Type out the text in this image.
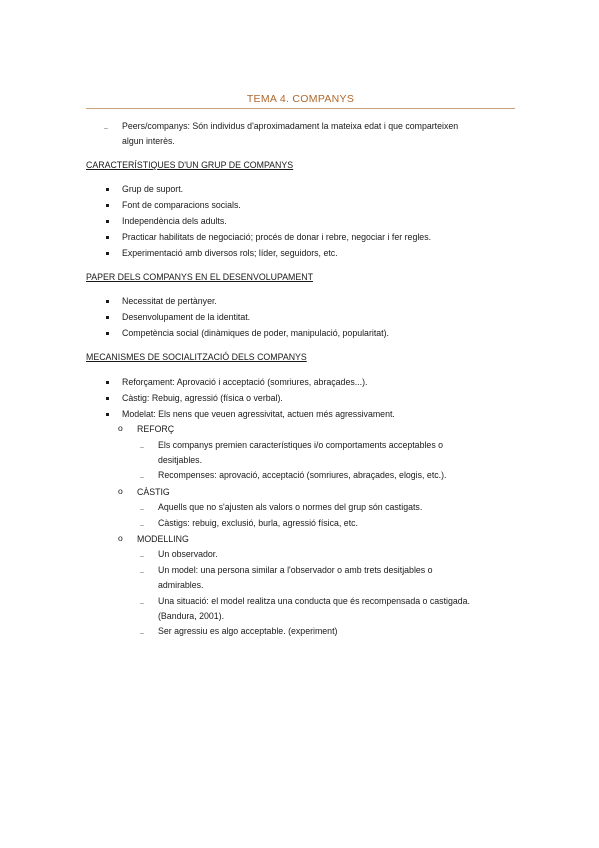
TEMA 4. COMPANYS
– Peers/companys: Són individus d'aproximadament la mateixa edat i que comparteixen
algun interès.
CARACTERÍSTIQUES D'UN GRUP DE COMPANYS
Grup de suport.
Font de comparacions socials.
Independència dels adults.
Practicar habilitats de negociació; procés de donar i rebre, negociar i fer regles.
Experimentació amb diversos rols; líder, seguidors, etc.
PAPER DELS COMPANYS EN EL DESENVOLUPAMENT
Necessitat de pertànyer.
Desenvolupament de la identitat.
Competència social (dinàmiques de poder, manipulació, popularitat).
MECANISMES DE SOCIALITZACIÓ DELS COMPANYS
Reforçament: Aprovació i acceptació (somriures, abraçades...).
Càstig: Rebuig, agressió (física o verbal).
Modelat: Els nens que veuen agressivitat, actuen més agressivament.
o REFORÇ
– Els companys premien característiques i/o comportaments acceptables o
desitjables.
– Recompenses: aprovació, acceptació (somriures, abraçades, elogis, etc.).
o CÀSTIG
– Aquells que no s'ajusten als valors o normes del grup són castigats.
– Càstigs: rebuig, exclusió, burla, agressió física, etc.
o MODELLING
– Un observador.
– Un model: una persona similar a l'observador o amb trets desitjables o
admirables.
– Una situació: el model realitza una conducta que és recompensada o castigada.
(Bandura, 2001).
– Ser agressiu es algo acceptable. (experiment)
